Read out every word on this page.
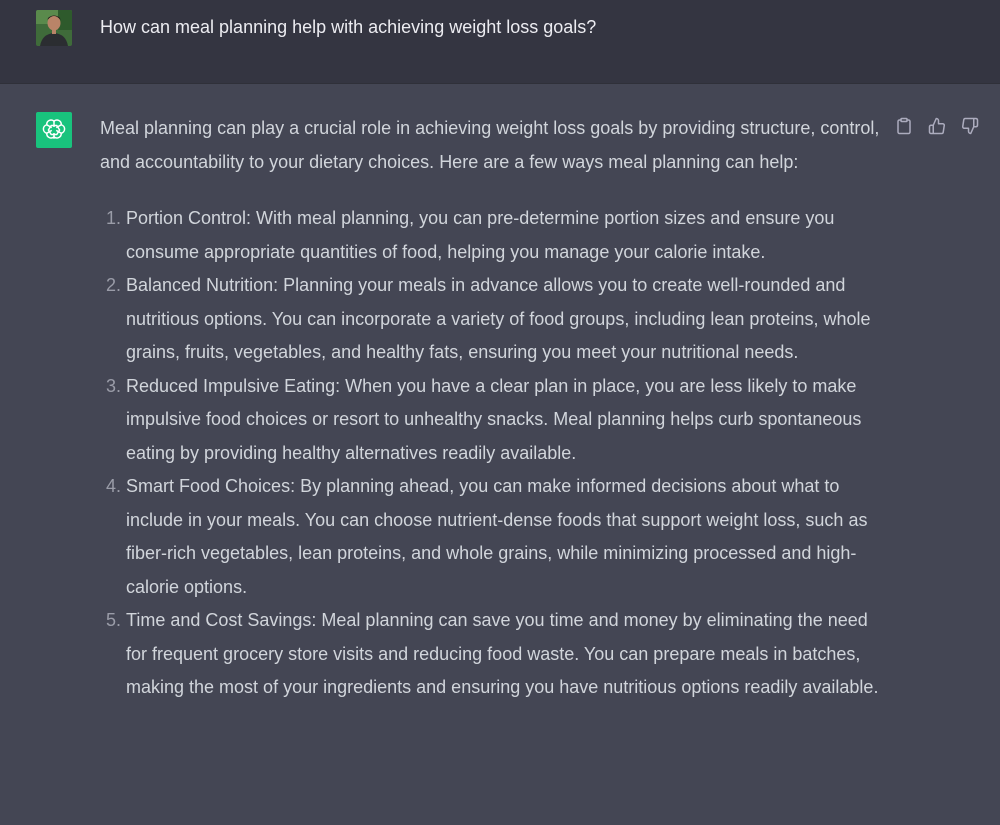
How can meal planning help with achieving weight loss goals?

Meal planning can play a crucial role in achieving weight loss goals by providing structure, control, and accountability to your dietary choices. Here are a few ways meal planning can help:

1. Portion Control: With meal planning, you can pre-determine portion sizes and ensure you consume appropriate quantities of food, helping you manage your calorie intake.
2. Balanced Nutrition: Planning your meals in advance allows you to create well-rounded and nutritious options. You can incorporate a variety of food groups, including lean proteins, whole grains, fruits, vegetables, and healthy fats, ensuring you meet your nutritional needs.
3. Reduced Impulsive Eating: When you have a clear plan in place, you are less likely to make impulsive food choices or resort to unhealthy snacks. Meal planning helps curb spontaneous eating by providing healthy alternatives readily available.
4. Smart Food Choices: By planning ahead, you can make informed decisions about what to include in your meals. You can choose nutrient-dense foods that support weight loss, such as fiber-rich vegetables, lean proteins, and whole grains, while minimizing processed and high-calorie options.
5. Time and Cost Savings: Meal planning can save you time and money by eliminating the need for frequent grocery store visits and reducing food waste. You can prepare meals in batches, making the most of your ingredients and ensuring you have nutritious options readily available.
